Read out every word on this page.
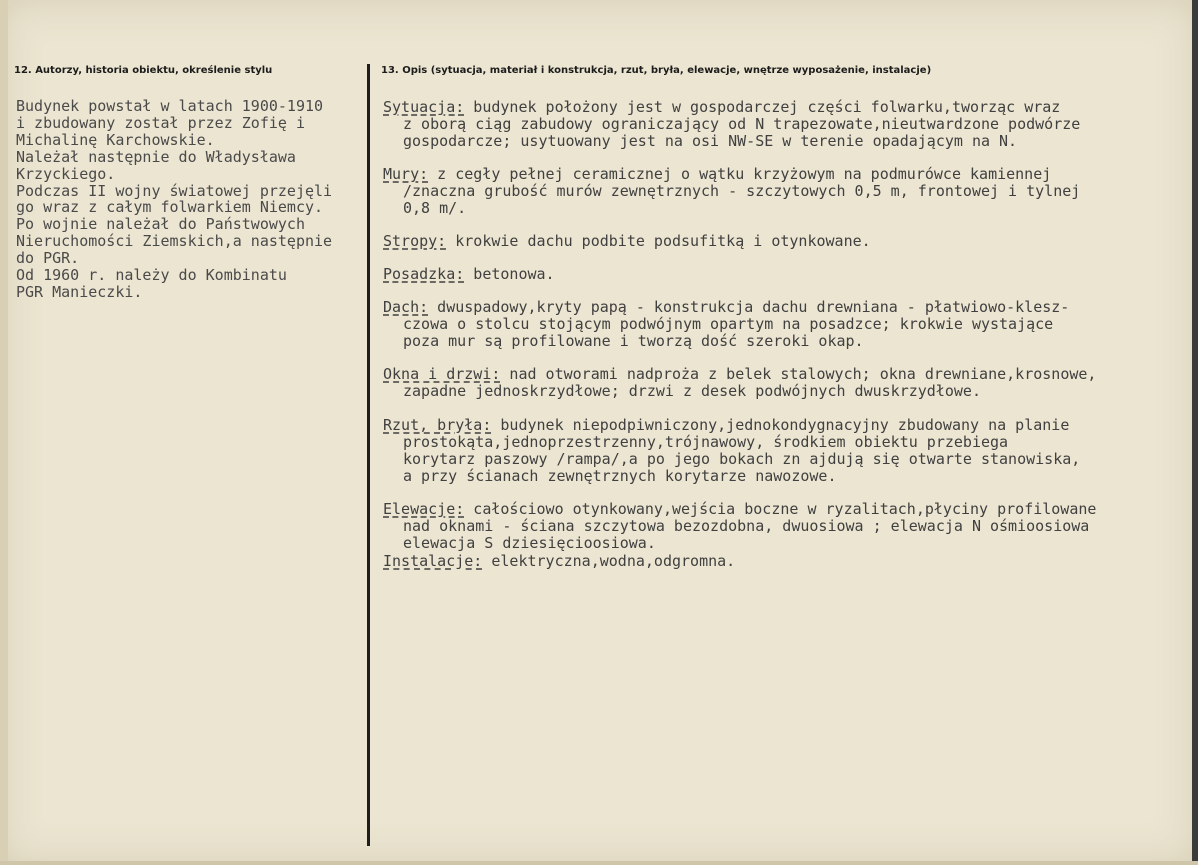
12. Autorzy, historia obiektu, określenie stylu	13. Opis (sytuacja, materiał i konstrukcja, rzut, bryła, elewacje, wnętrze wyposażenie, instalacje)
Budynek powstał w latach 1900-1910
i zbudowany został przez Zofię i
Michalinę Karchowskie.
Należał następnie do Władysława
Krzyckiego.
Podczas II wojny światowej przejęli
go wraz z całym folwarkiem Niemcy.
Po wojnie należał do Państwowych
Nieruchomości Ziemskich,a następnie
do PGR.
Od 1960 r. należy do Kombinatu
PGR Manieczki.
Sytuacja: budynek położony jest w gospodarczej części folwarku,tworząc wraz
z oborą ciąg zabudowy ograniczający od N trapezowate,nieutwardzone podwórze
gospodarcze; usytuowany jest na osi NW-SE w terenie opadającym na N.
Mury: z cegły pełnej ceramicznej o wątku krzyżowym na podmurówce kamiennej
/znaczna grubość murów zewnętrznych - szczytowych 0,5 m, frontowej i tylnej
0,8 m/.
Stropy: krokwie dachu podbite podsufitką i otynkowane.
Posadzka: betonowa.
Dach: dwuspadowy,kryty papą - konstrukcja dachu drewniana - płatwiowo-klesz-
czowa o stolcu stojącym podwójnym opartym na posadzce; krokwie wystające
poza mur są profilowane i tworzą dość szeroki okap.
Okna i drzwi: nad otworami nadproża z belek stalowych; okna drewniane,krosnowe,
zapadne jednoskrzydłowe; drzwi z desek podwójnych dwuskrzydłowe.
Rzut, bryła: budynek niepodpiwniczony,jednokondygnacyjny zbudowany na planie
prostokąta,jednoprzestrzenny,trójnawowy, środkiem obiektu przebiega
korytarz paszowy /rampa/,a po jego bokach zn ajdują się otwarte stanowiska,
a przy ścianach zewnętrznych korytarze nawozowe.
Elewacje: całościowo otynkowany,wejścia boczne w ryzalitach,płyciny profilowane
nad oknami - ściana szczytowa bezozdobna, dwuosiowa ; elewacja N ośmioosiowa
elewacja S dziesięcioosiowa.
Instalacje: elektryczna,wodna,odgromna.
